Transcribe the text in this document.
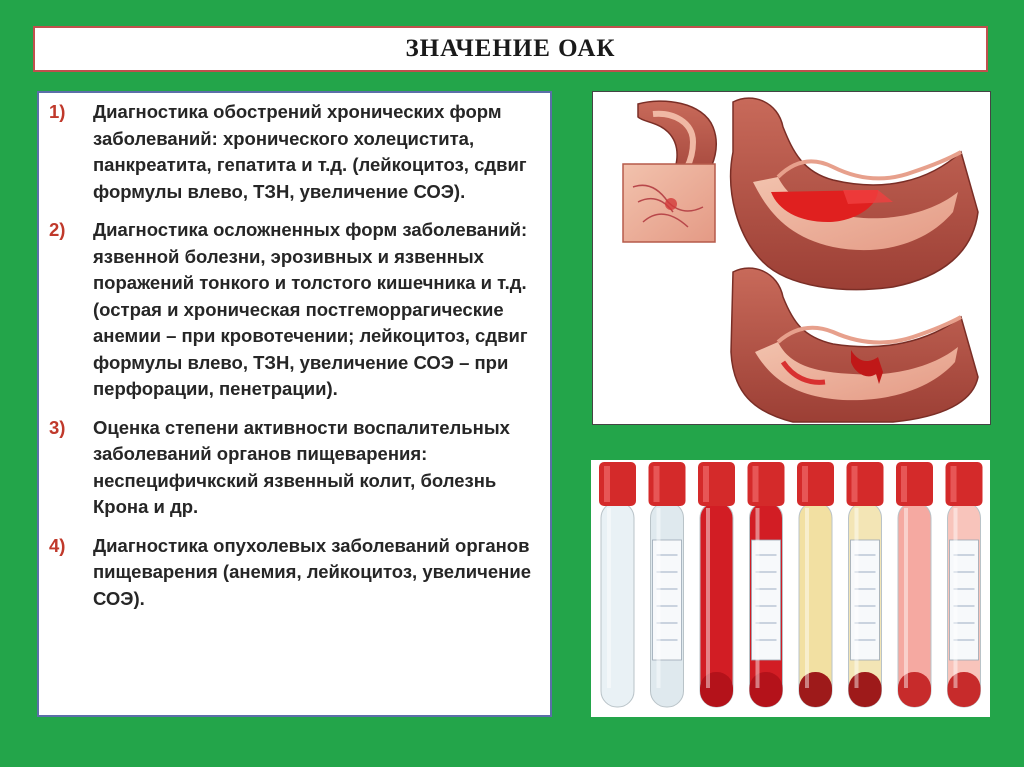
ЗНАЧЕНИЕ ОАК
1)	Диагностика обострений хронических форм заболеваний: хронического холецистита, панкреатита, гепатита и т.д. (лейкоцитоз, сдвиг формулы влево, ТЗН, увеличение СОЭ).
2)	Диагностика осложненных форм заболеваний: язвенной болезни, эрозивных и язвенных поражений тонкого и толстого кишечника и т.д. (острая и хроническая постгеморрагические анемии – при кровотечении; лейкоцитоз, сдвиг формулы влево, ТЗН, увеличение СОЭ – при перфорации, пенетрации).
3)	Оценка степени активности воспалительных заболеваний органов пищеварения: неспецифичкский язвенный колит, болезнь Крона и др.
4)	Диагностика опухолевых заболеваний органов пищеварения (анемия, лейкоцитоз, увеличение СОЭ).
